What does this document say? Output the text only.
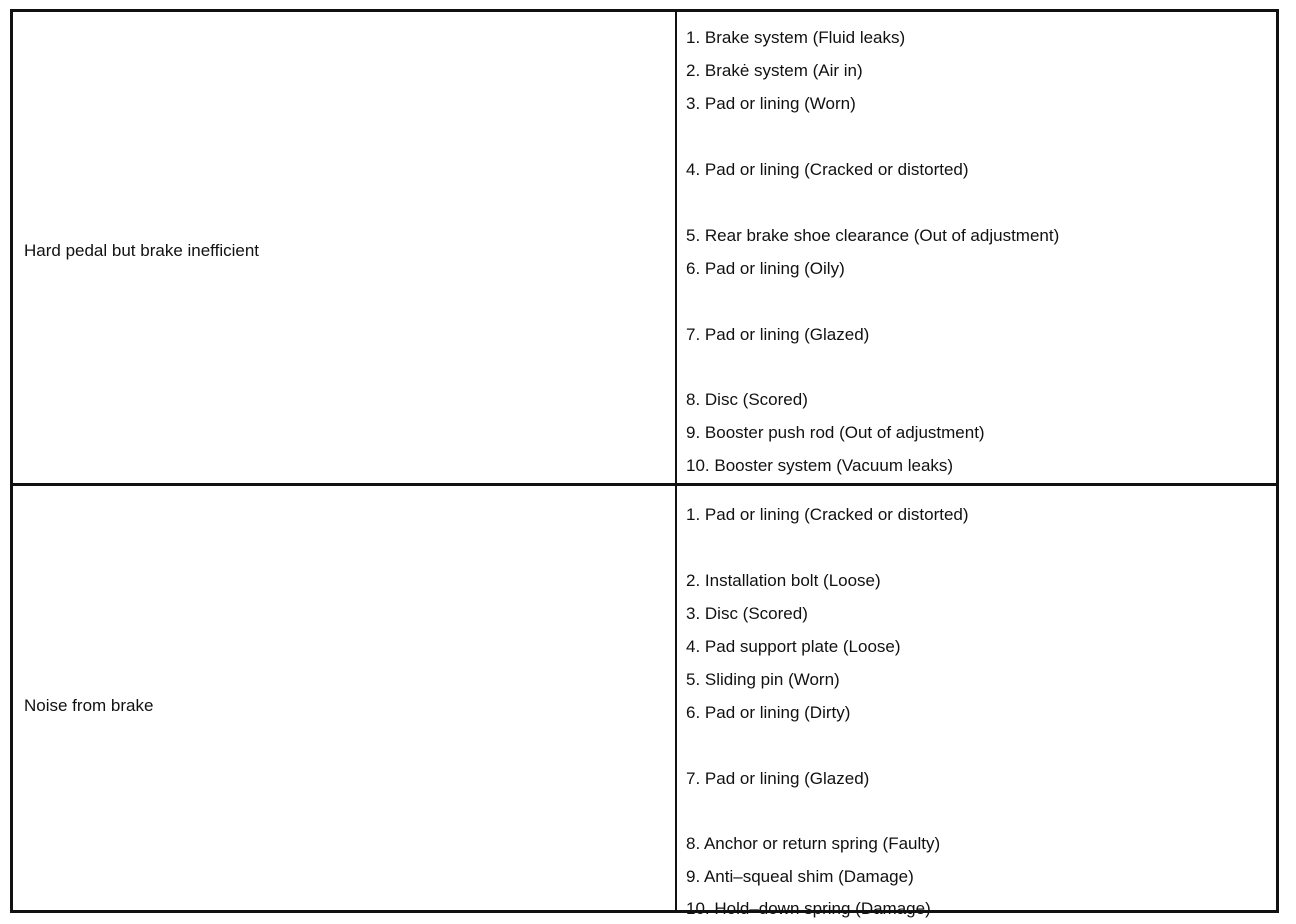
Hard pedal but brake inefficient
1. Brake system (Fluid leaks)
2. Brakė system (Air in)
3. Pad or lining (Worn)
4. Pad or lining (Cracked or distorted)
5. Rear brake shoe clearance (Out of adjustment)
6. Pad or lining (Oily)
7. Pad or lining (Glazed)
8. Disc (Scored)
9. Booster push rod (Out of adjustment)
10. Booster system (Vacuum leaks)
Noise from brake
1. Pad or lining (Cracked or distorted)
2. Installation bolt (Loose)
3. Disc (Scored)
4. Pad support plate (Loose)
5. Sliding pin (Worn)
6. Pad or lining (Dirty)
7. Pad or lining (Glazed)
8. Anchor or return spring (Faulty)
9. Anti–squeal shim (Damage)
10. Hold–down spring (Damage)
